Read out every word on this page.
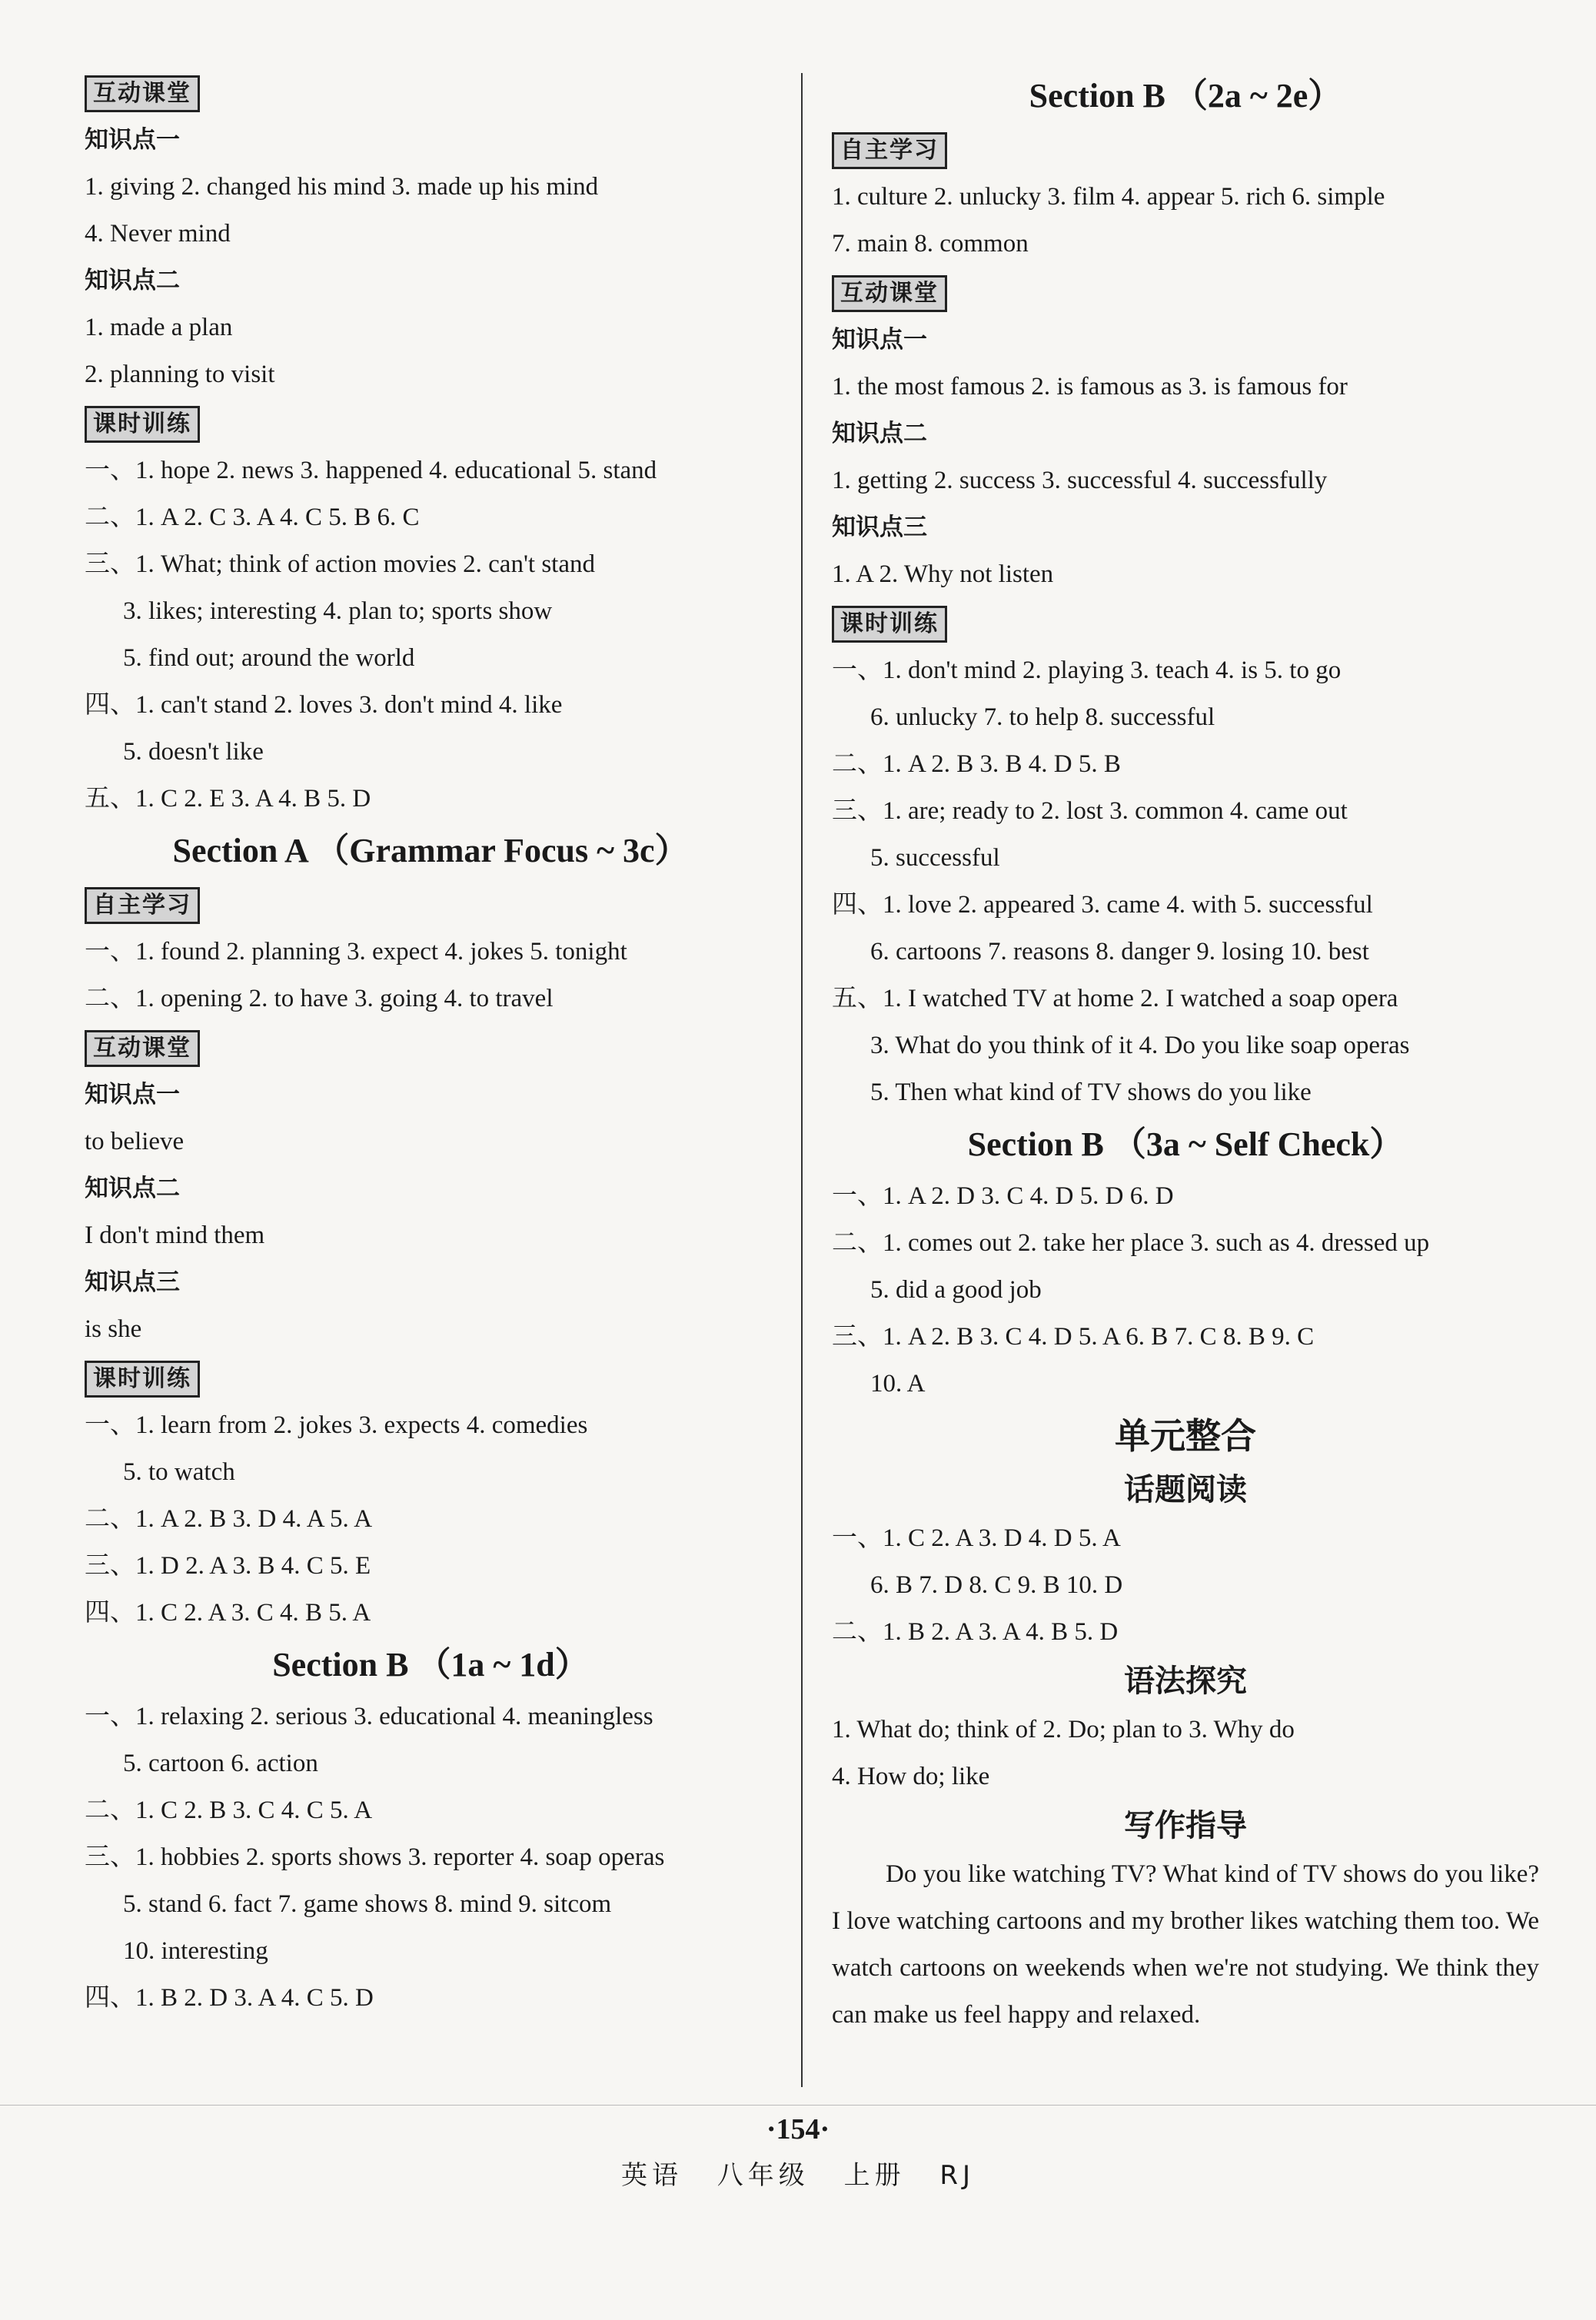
互动课堂
知识点一
1. giving 2. changed his mind 3. made up his mind
4. Never mind
知识点二
1. made a plan
2. planning to visit
课时训练
一、1. hope 2. news 3. happened 4. educational 5. stand
二、1. A 2. C 3. A 4. C 5. B 6. C
三、1. What; think of action movies 2. can't stand
3. likes; interesting 4. plan to; sports show
5. find out; around the world
四、1. can't stand 2. loves 3. don't mind 4. like
5. doesn't like
五、1. C 2. E 3. A 4. B 5. D
Section A （Grammar Focus ~ 3c）
自主学习
一、1. found 2. planning 3. expect 4. jokes 5. tonight
二、1. opening 2. to have 3. going 4. to travel
互动课堂
知识点一
to believe
知识点二
I don't mind them
知识点三
is she
课时训练
一、1. learn from 2. jokes 3. expects 4. comedies
5. to watch
二、1. A 2. B 3. D 4. A 5. A
三、1. D 2. A 3. B 4. C 5. E
四、1. C 2. A 3. C 4. B 5. A
Section B （1a ~ 1d）
一、1. relaxing 2. serious 3. educational 4. meaningless
5. cartoon 6. action
二、1. C 2. B 3. C 4. C 5. A
三、1. hobbies 2. sports shows 3. reporter 4. soap operas
5. stand 6. fact 7. game shows 8. mind 9. sitcom
10. interesting
四、1. B 2. D 3. A 4. C 5. D
Section B （2a ~ 2e）
自主学习
1. culture 2. unlucky 3. film 4. appear 5. rich 6. simple
7. main 8. common
互动课堂
知识点一
1. the most famous 2. is famous as 3. is famous for
知识点二
1. getting 2. success 3. successful 4. successfully
知识点三
1. A 2. Why not listen
课时训练
一、1. don't mind 2. playing 3. teach 4. is 5. to go
6. unlucky 7. to help 8. successful
二、1. A 2. B 3. B 4. D 5. B
三、1. are; ready to 2. lost 3. common 4. came out
5. successful
四、1. love 2. appeared 3. came 4. with 5. successful
6. cartoons 7. reasons 8. danger 9. losing 10. best
五、1. I watched TV at home 2. I watched a soap opera
3. What do you think of it 4. Do you like soap operas
5. Then what kind of TV shows do you like
Section B （3a ~ Self Check）
一、1. A 2. D 3. C 4. D 5. D 6. D
二、1. comes out 2. take her place 3. such as 4. dressed up
5. did a good job
三、1. A 2. B 3. C 4. D 5. A 6. B 7. C 8. B 9. C
10. A
单元整合
话题阅读
一、1. C 2. A 3. D 4. D 5. A
6. B 7. D 8. C 9. B 10. D
二、1. B 2. A 3. A 4. B 5. D
语法探究
1. What do; think of 2. Do; plan to 3. Why do
4. How do; like
写作指导
Do you like watching TV? What kind of TV shows do you like? I love watching cartoons and my brother likes watching them too. We watch cartoons on weekends when we're not studying. We think they can make us feel happy and relaxed.
·154·
英语 八年级 上册 RJ
